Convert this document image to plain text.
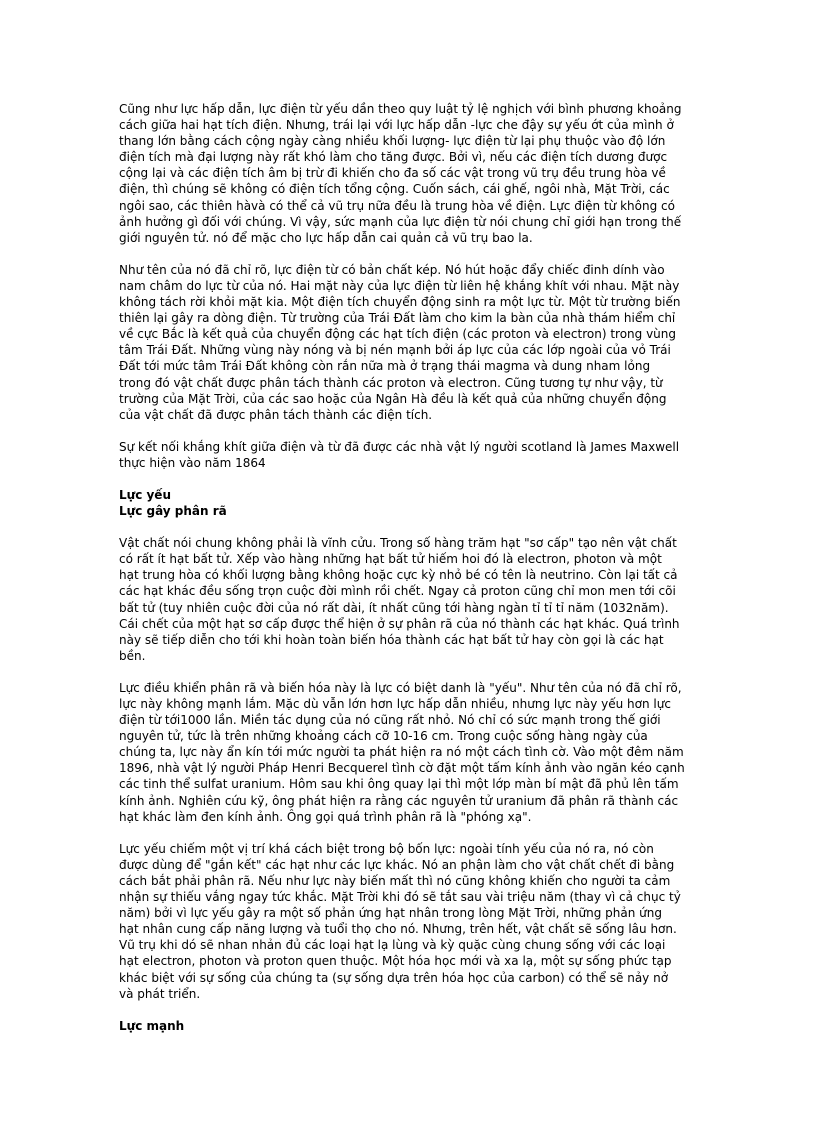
Cũng như lực hấp dẫn, lực điện từ yếu dần theo quy luật tỷ lệ nghịch với bình phương khoảng cách giữa hai hạt tích điện. Nhưng, trái lại với lực hấp dẫn -lực che đậy sự yếu ớt của mình ở thang lớn bằng cách cộng ngày càng nhiều khối lượng- lực điện từ lại phụ thuộc vào độ lớn điện tích mà đại lượng này rất khó làm cho tăng được. Bởi vì, nếu các điện tích dương được cộng lại và các điện tích âm bị trừ đi khiến cho đa số các vật trong vũ trụ đều trung hòa về điện, thì chúng sẽ không có điện tích tổng cộng. Cuốn sách, cái ghế, ngôi nhà, Mặt Trời, các ngôi sao, các thiên hàvà có thể cả vũ trụ nữa đều là trung hòa về điện. Lực điện từ không có ảnh hưởng gì đối với chúng. Vì vậy, sức mạnh của lực điện từ nói chung chỉ giới hạn trong thế giới nguyên tử. nó để mặc cho lực hấp dẫn cai quản cả vũ trụ bao la.

Như tên của nó đã chỉ rõ, lực điện từ có bản chất kép. Nó hút hoặc đẩy chiếc đinh dính vào nam châm do lực từ của nó. Hai mặt này của lực điện từ liên hệ khắng khít với nhau. Mặt này không tách rời khỏi mặt kia. Một điện tích chuyển động sinh ra một lực từ. Một từ trường biến thiên lại gây ra dòng điện. Từ trường của Trái Đất làm cho kim la bàn của nhà thám hiểm chỉ về cực Bắc là kết quả của chuyển động các hạt tích điện (các proton và electron) trong vùng tâm Trái Đất. Những vùng này nóng và bị nén mạnh bởi áp lực của các lớp ngoài của vỏ Trái Đất tới mức tâm Trái Đất không còn rắn nữa mà ở trạng thái magma và dung nham lỏng trong đó vật chất được phân tách thành các proton và electron. Cũng tương tự như vậy, từ trường của Mặt Trời, của các sao hoặc của Ngân Hà đều là kết quả của những chuyển động của vật chất đã được phân tách thành các điện tích.

Sự kết nối khắng khít giữa điện và từ đã được các nhà vật lý người scotland là James Maxwell thực hiện vào năm 1864

Lực yếu
Lực gây phân rã

Vật chất nói chung không phải là vĩnh cửu. Trong số hàng trăm hạt "sơ cấp" tạo nên vật chất có rất ít hạt bất tử. Xếp vào hàng những hạt bất tử hiếm hoi đó là electron, photon và một hạt trung hòa có khối lượng bằng không hoặc cực kỳ nhỏ bé có tên là neutrino. Còn lại tất cả các hạt khác đều sống trọn cuộc đời mình rồi chết. Ngay cả proton cũng chỉ mon men tới cõi bất tử (tuy nhiên cuộc đời của nó rất dài, ít nhất cũng tới hàng ngàn tỉ tỉ tỉ năm (1032năm). Cái chết của một hạt sơ cấp được thể hiện ở sự phân rã của nó thành các hạt khác. Quá trình này sẽ tiếp diễn cho tới khi hoàn toàn biến hóa thành các hạt bất tử hay còn gọi là các hạt bền.

Lực điều khiển phân rã và biến hóa này là lực có biệt danh là "yếu". Như tên của nó đã chỉ rõ, lực này không mạnh lắm. Mặc dù vẫn lớn hơn lực hấp dẫn nhiều, nhưng lực này yếu hơn lực điện từ tới1000 lần. Miền tác dụng của nó cũng rất nhỏ. Nó chỉ có sức mạnh trong thế giới nguyên tử, tức là trên những khoảng cách cỡ 10-16 cm. Trong cuộc sống hàng ngày của chúng ta, lực này ẩn kín tới mức người ta phát hiện ra nó một cách tình cờ. Vào một đêm năm 1896, nhà vật lý người Pháp Henri Becquerel tình cờ đặt một tấm kính ảnh vào ngăn kéo cạnh các tinh thể sulfat uranium. Hôm sau khi ông quay lại thì một lớp màn bí mật đã phủ lên tấm kính ảnh. Nghiên cứu kỹ, ông phát hiện ra rằng các nguyên tử uranium đã phân rã thành các hạt khác làm đen kính ảnh. Ông gọi quá trình phân rã là "phóng xạ".

Lực yếu chiếm một vị trí khá cách biệt trong bộ bốn lực: ngoài tính yếu của nó ra, nó còn được dùng để "gắn kết" các hạt như các lực khác. Nó an phận làm cho vật chất chết đi bằng cách bắt phải phân rã. Nếu như lực này biến mất thì nó cũng không khiến cho người ta cảm nhận sự thiếu vắng ngay tức khắc. Mặt Trời khi đó sẽ tắt sau vài triệu năm (thay vì cả chục tỷ năm) bởi vì lực yếu gây ra một số phản ứng hạt nhân trong lòng Mặt Trời, những phản ứng hạt nhân cung cấp năng lượng và tuổi thọ cho nó. Nhưng, trên hết, vật chất sẽ sống lâu hơn. Vũ trụ khi dó sẽ nhan nhản đủ các loại hạt lạ lùng và kỳ quặc cùng chung sống với các loại hạt electron, photon và proton quen thuộc. Một hóa học mới và xa lạ, một sự sống phức tạp khác biệt với sự sống của chúng ta (sự sống dựa trên hóa học của carbon) có thể sẽ nảy nở và phát triển.

Lực mạnh
